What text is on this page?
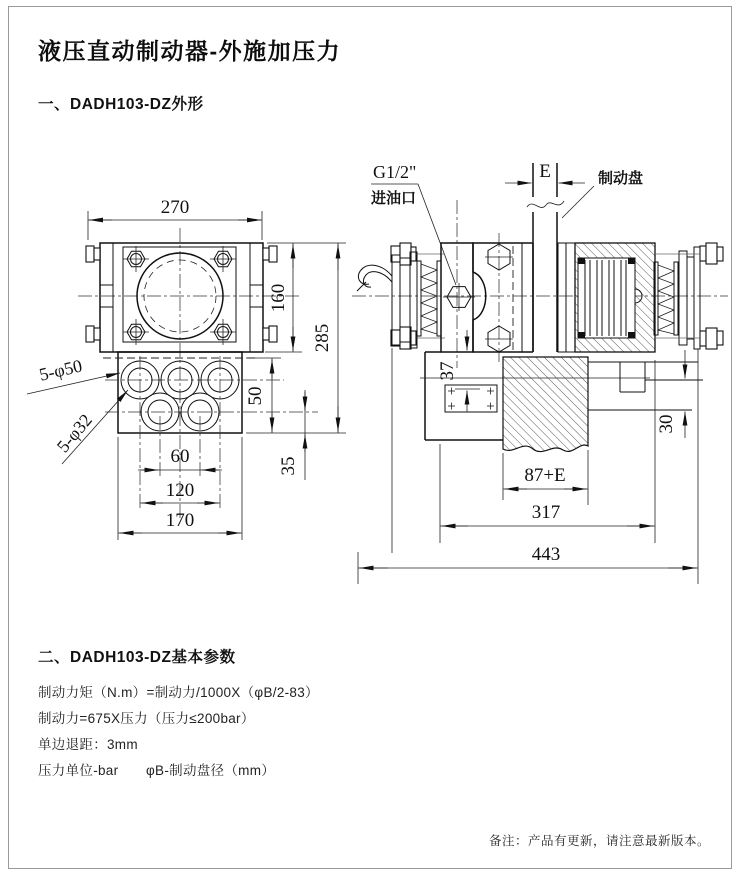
液压直动制动器-外施加压力
一、DADH103-DZ外形
270
160
285
50
35
60
120
170
5-φ50
5-φ32
E	制动盘
G1/2"
进油口
37
30
87+E
317
443
二、DADH103-DZ基本参数
制动力矩（N.m）=制动力/1000X（φB/2-83）
制动力=675X压力（压力≤200bar）
单边退距：3mm
压力单位-bar　　φB-制动盘径（mm）
备注：产品有更新，请注意最新版本。
